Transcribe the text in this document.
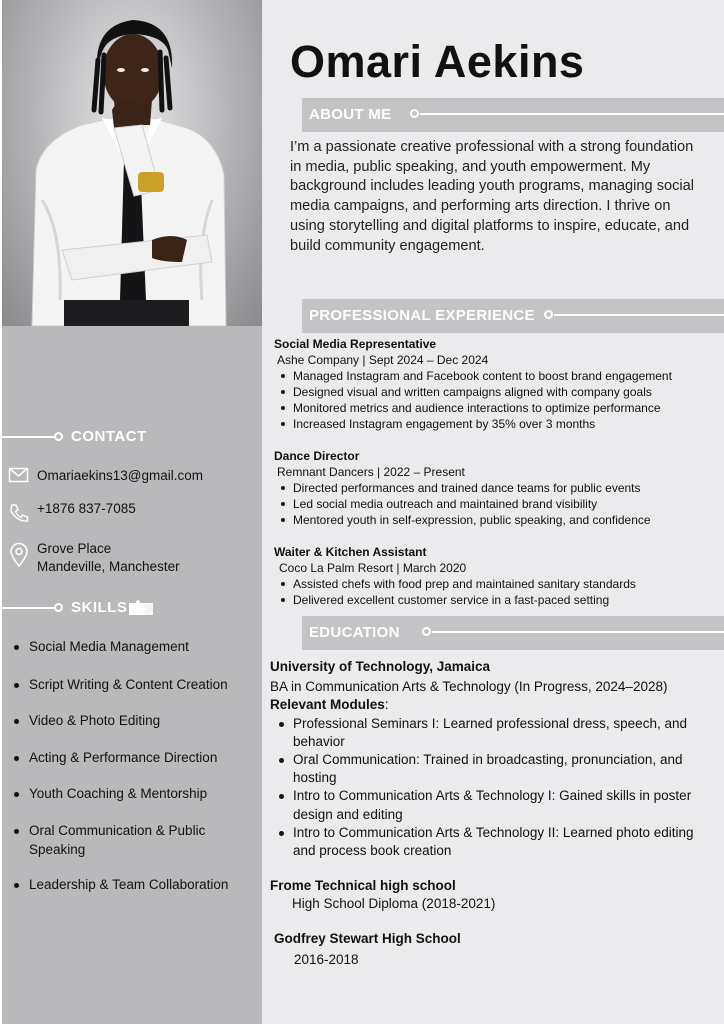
CONTACT
Omariaekins13@gmail.com
+1876 837-7085
Grove Place
Mandeville, Manchester
SKILLS
Social Media Management
Script Writing & Content Creation
Video & Photo Editing
Acting & Performance Direction
Youth Coaching & Mentorship
Oral Communication & Public Speaking
Leadership & Team Collaboration
Omari Aekins
ABOUT ME
I’m a passionate creative professional with a strong foundation in media, public speaking, and youth empowerment. My background includes leading youth programs, managing social media campaigns, and performing arts direction. I thrive on using storytelling and digital platforms to inspire, educate, and build community engagement.
PROFESSIONAL EXPERIENCE
Social Media Representative
Ashe Company | Sept 2024 – Dec 2024
Managed Instagram and Facebook content to boost brand engagement
Designed visual and written campaigns aligned with company goals
Monitored metrics and audience interactions to optimize performance
Increased Instagram engagement by 35% over 3 months
Dance Director
Remnant Dancers | 2022 – Present
Directed performances and trained dance teams for public events
Led social media outreach and maintained brand visibility
Mentored youth in self-expression, public speaking, and confidence
Waiter & Kitchen Assistant
Coco La Palm Resort | March 2020
Assisted chefs with food prep and maintained sanitary standards
Delivered excellent customer service in a fast-paced setting
EDUCATION
University of Technology, Jamaica
BA in Communication Arts & Technology (In Progress, 2024–2028)
Relevant Modules:
Professional Seminars I: Learned professional dress, speech, and behavior
Oral Communication: Trained in broadcasting, pronunciation, and hosting
Intro to Communication Arts & Technology I: Gained skills in poster design and editing
Intro to Communication Arts & Technology II: Learned photo editing and process book creation
Frome Technical high school
High School Diploma (2018-2021)
Godfrey Stewart High School
2016-2018
